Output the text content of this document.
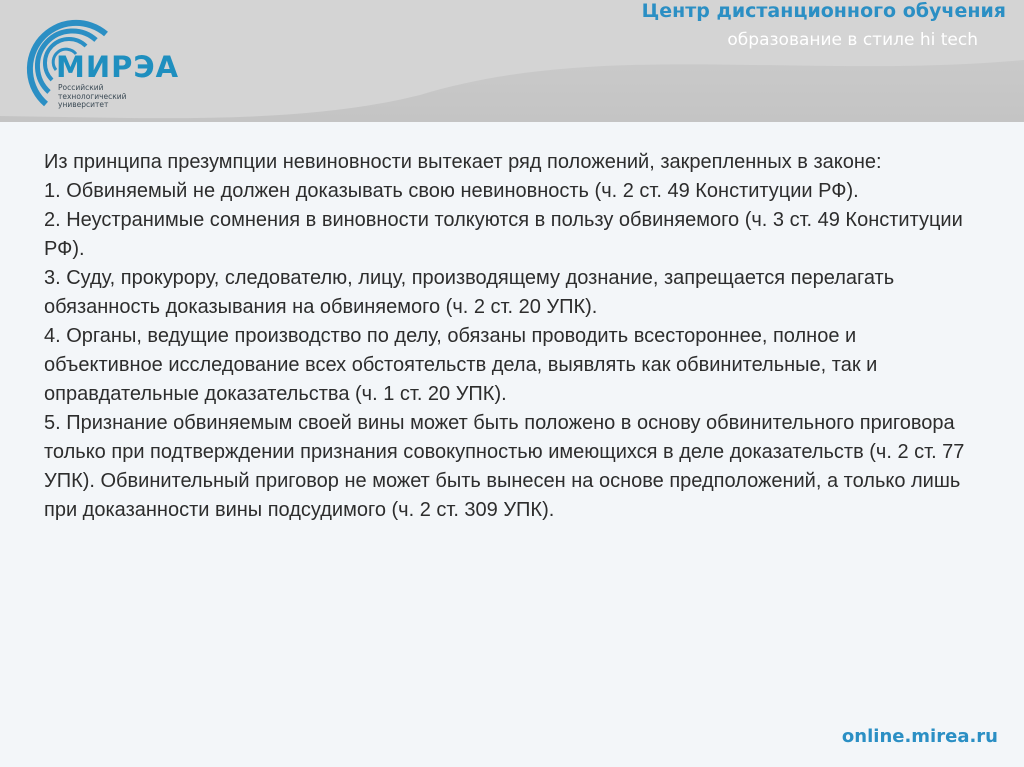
МИРЭА
Российский
технологический
университет
Центр дистанционного обучения
образование в стиле hi tech

Из принципа презумпции невиновности вытекает ряд положений, закрепленных в законе:

1. Обвиняемый не должен доказывать свою невиновность (ч. 2 ст. 49 Конституции РФ).

2. Неустранимые сомнения в виновности толкуются в пользу обвиняемого (ч. 3 ст. 49 Конституции РФ).

3. Суду, прокурору, следователю, лицу, производящему дознание, запрещается перелагать обязанность доказывания на обвиняемого (ч. 2 ст. 20 УПК).

4. Органы, ведущие производство по делу, обязаны проводить всестороннее, полное и объективное исследование всех обстоятельств дела, выявлять как обвинительные, так и оправдательные доказательства (ч. 1 ст. 20 УПК).

5. Признание обвиняемым своей вины может быть положено в основу обвинительного приговора только при подтверждении признания совокупностью имеющихся в деле доказательств (ч. 2 ст. 77 УПК). Обвинительный приговор не может быть вынесен на основе предположений, а только лишь при доказанности вины подсудимого (ч. 2 ст. 309 УПК).

online.mirea.ru
